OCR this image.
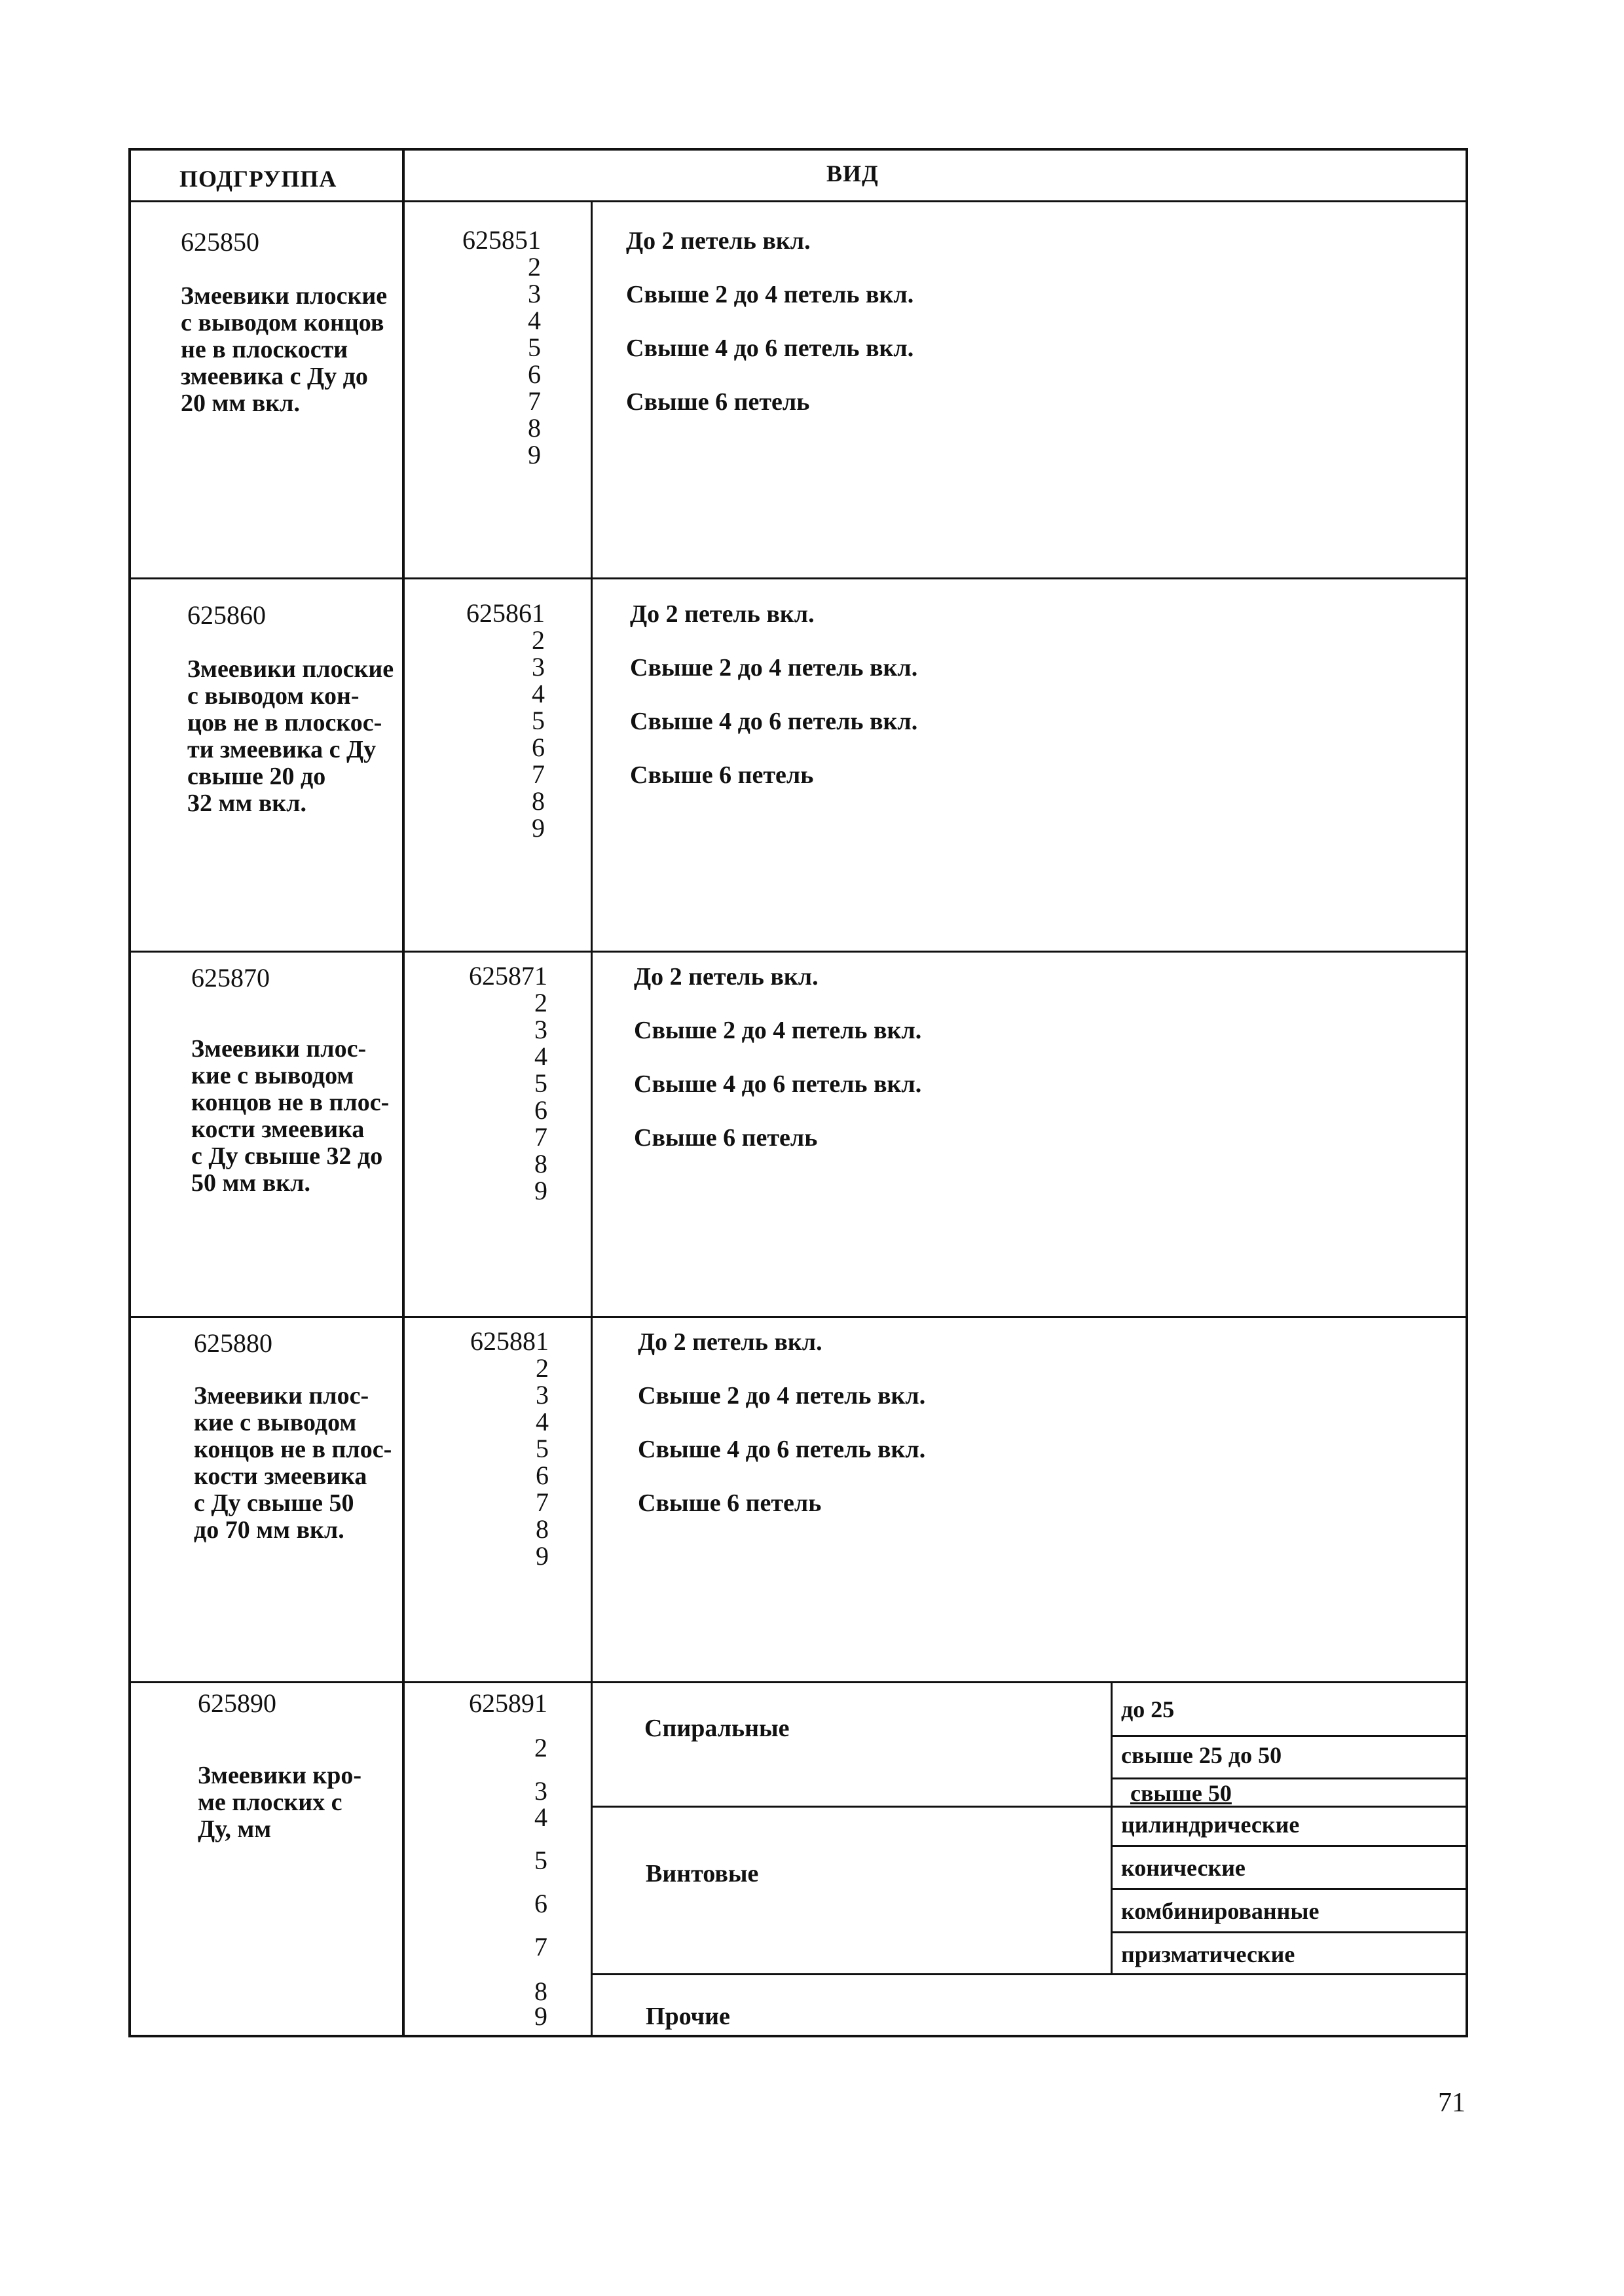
ПОДГРУППА	ВИД
625850
Змеевики плоские
с выводом концов
не в плоскости
змеевика с Ду до
20 мм вкл.
625851
2
3
4
5
6
7
8
9
До 2 петель вкл.
Свыше 2 до 4 петель вкл.
Свыше 4 до 6 петель вкл.
Свыше 6 петель
625860
Змеевики плоские
с выводом кон-
цов не в плоскос-
ти змеевика с Ду
свыше 20 до
32 мм вкл.
625861
2
3
4
5
6
7
8
9
До 2 петель вкл.
Свыше 2 до 4 петель вкл.
Свыше 4 до 6 петель вкл.
Свыше 6 петель
625870
Змеевики плос-
кие с выводом
концов не в плос-
кости змеевика
с Ду свыше 32 до
50 мм вкл.
625871
2
3
4
5
6
7
8
9
До 2 петель вкл.
Свыше 2 до 4 петель вкл.
Свыше 4 до 6 петель вкл.
Свыше 6 петель
625880
Змеевики плос-
кие с выводом
концов не в плос-
кости змеевика
с Ду свыше 50
до 70 мм вкл.
625881
2
3
4
5
6
7
8
9
До 2 петель вкл.
Свыше 2 до 4 петель вкл.
Свыше 4 до 6 петель вкл.
Свыше 6 петель
625890
Змеевики кро-
ме плоских с
Ду, мм
625891
2
3
4
5
6
7
8
9
Спиральные
Винтовые
Прочие
до 25
свыше 25 до 50
свыше 50
цилиндрические
конические
комбинированные
призматические
71
